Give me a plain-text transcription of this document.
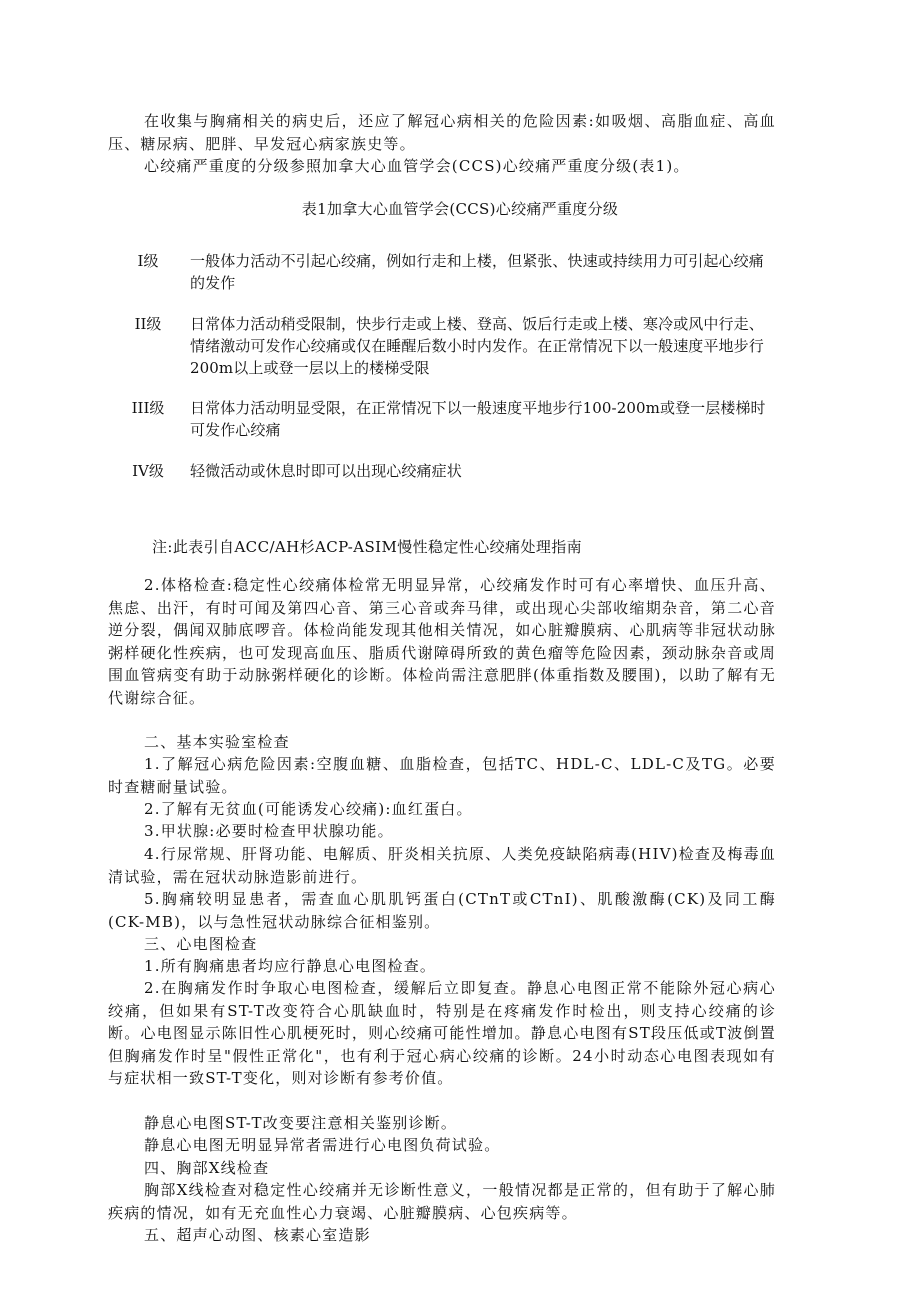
在收集与胸痛相关的病史后，还应了解冠心病相关的危险因素:如吸烟、高脂血症、高血压、糖尿病、肥胖、早发冠心病家族史等。

心绞痛严重度的分级参照加拿大心血管学会(CCS)心绞痛严重度分级(表1)。

表1加拿大心血管学会(CCS)心绞痛严重度分级

I级	一般体力活动不引起心绞痛，例如行走和上楼，但紧张、快速或持续用力可引起心绞痛的发作
II级	日常体力活动稍受限制，快步行走或上楼、登高、饭后行走或上楼、寒冷或风中行走、情绪激动可发作心绞痛或仅在睡醒后数小时内发作。在正常情况下以一般速度平地步行200m以上或登一层以上的楼梯受限
III级	日常体力活动明显受限，在正常情况下以一般速度平地步行100-200m或登一层楼梯时可发作心绞痛
IV级	轻微活动或休息时即可以出现心绞痛症状

注:此表引自ACC/AH杉ACP-ASIM慢性稳定性心绞痛处理指南

2.体格检查:稳定性心绞痛体检常无明显异常，心绞痛发作时可有心率增快、血压升高、焦虑、出汗，有时可闻及第四心音、第三心音或奔马律，或出现心尖部收缩期杂音，第二心音逆分裂，偶闻双肺底啰音。体检尚能发现其他相关情况，如心脏瓣膜病、心肌病等非冠状动脉粥样硬化性疾病，也可发现高血压、脂质代谢障碍所致的黄色瘤等危险因素，颈动脉杂音或周围血管病变有助于动脉粥样硬化的诊断。体检尚需注意肥胖(体重指数及腰围)，以助了解有无代谢综合征。

二、基本实验室检查

1.了解冠心病危险因素:空腹血糖、血脂检查，包括TC、HDL-C、LDL-C及TG。必要时查糖耐量试验。

2.了解有无贫血(可能诱发心绞痛):血红蛋白。

3.甲状腺:必要时检查甲状腺功能。

4.行尿常规、肝肾功能、电解质、肝炎相关抗原、人类免疫缺陷病毒(HIV)检查及梅毒血清试验，需在冠状动脉造影前进行。

5.胸痛较明显患者，需查血心肌肌钙蛋白(CTnT或CTnI)、肌酸激酶(CK)及同工酶(CK-MB)，以与急性冠状动脉综合征相鉴别。

三、心电图检查

1.所有胸痛患者均应行静息心电图检查。

2.在胸痛发作时争取心电图检查，缓解后立即复查。静息心电图正常不能除外冠心病心绞痛，但如果有ST-T改变符合心肌缺血时，特别是在疼痛发作时检出，则支持心绞痛的诊断。心电图显示陈旧性心肌梗死时，则心绞痛可能性增加。静息心电图有ST段压低或T波倒置但胸痛发作时呈"假性正常化"，也有利于冠心病心绞痛的诊断。24小时动态心电图表现如有与症状相一致ST-T变化，则对诊断有参考价值。

静息心电图ST-T改变要注意相关鉴别诊断。

静息心电图无明显异常者需进行心电图负荷试验。

四、胸部X线检查

胸部X线检查对稳定性心绞痛并无诊断性意义，一般情况都是正常的，但有助于了解心肺疾病的情况，如有无充血性心力衰竭、心脏瓣膜病、心包疾病等。

五、超声心动图、核素心室造影
